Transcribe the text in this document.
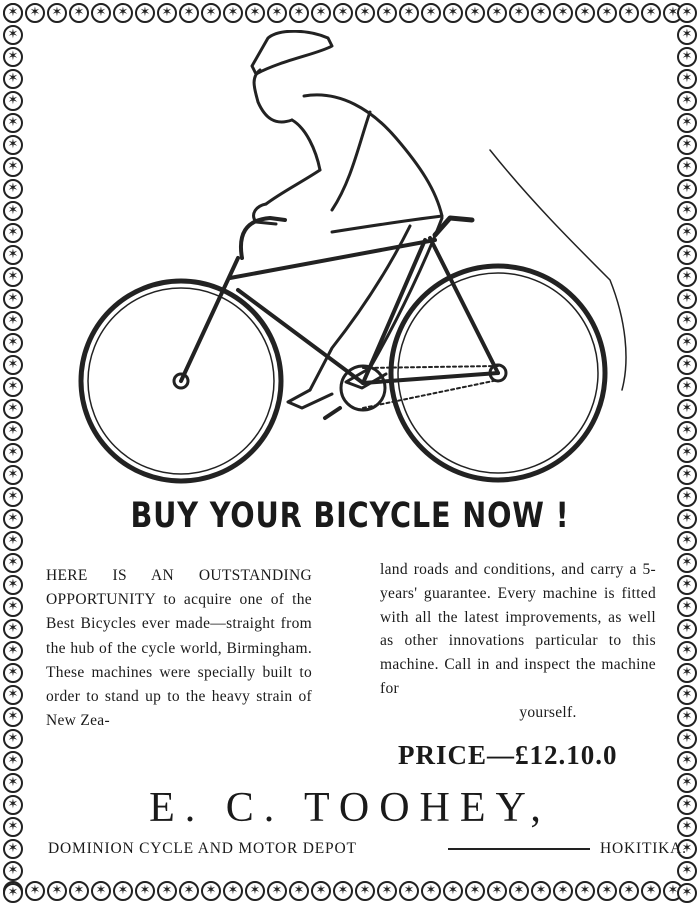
✶
✶
✶
✶
✶
✶
✶
✶
✶
✶
✶
✶
✶
✶
✶
✶
✶
✶
✶
✶
✶
✶
✶
✶
✶
✶
✶
✶
✶
✶
✶
✶
✶
✶
✶
✶
✶
✶
✶
✶
✶
✶
✶
✶
✶
✶
✶
✶
✶
✶
✶
✶
✶
✶
✶
✶
✶
✶
✶
✶
✶
✶
✶
✶
✶
✶
✶
✶
✶
✶
✶
✶
✶
✶
✶
✶
✶
✶
✶
✶
✶
✶
✶
✶
✶
✶
✶
✶
✶
✶
✶
✶
✶
✶
✶
✶
✶
✶
✶
✶
✶
✶
✶
✶
✶
✶
✶
✶
✶
✶
✶
✶
✶
✶
✶
✶
✶
✶
✶
✶
✶
✶
✶
✶
✶
✶
✶
✶
✶
✶
✶
✶
✶
✶
✶
✶
✶
✶
✶
✶
✶
✶
✶
✶
BUY YOUR BICYCLE NOW !
HERE IS AN OUTSTANDING OPPORTUNITY to acquire one of the Best Bicycles ever made—straight from the hub of the cycle world, Birmingham. These machines were specially built to order to stand up to the heavy strain of New Zea-
land roads and conditions, and carry a 5-years' guarantee. Every machine is fitted with all the latest improvements, as well as other innovations particular to this machine. Call in and inspect the machine for
yourself.
PRICE—£12.10.0
E. C. TOOHEY,
DOMINION CYCLE AND MOTOR DEPOT	HOKITIKA.
